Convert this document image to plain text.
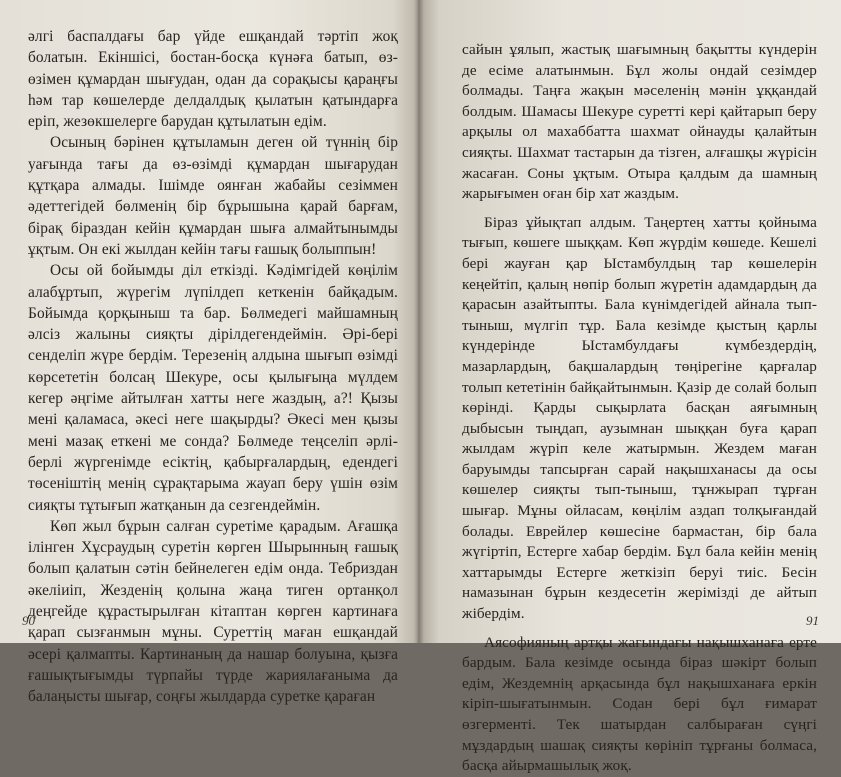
әлгі баспалдағы бар үйде ешқандай тәртіп жоқ болатын. Екіншісі, бостан-босқа күнәға батып, өз-өзімен құмардан шығудан, одан да сорақысы қараңғы һәм тар көшелерде делдалдық қылатын қатындарға еріп, жезөкшелерге барудан құтылатын едім.

Осының бәрінен құтыламын деген ой түннің бір уағында тағы да өз-өзімді құмардан шығарудан құтқара алмады. Ішімде оянған жабайы сезіммен әдеттегідей бөлменің бір бұрышына қарай барғам, бірақ біраздан кейін құмардан шыға алмайтынымды ұқтым. Он екі жылдан кейін тағы ғашық болыппын!

Осы ой бойымды діл еткізді. Кәдімгідей көңілім алабұртып, жүрегім лүпілдеп кеткенін байқадым. Бойымда қорқыныш та бар. Бөлмедегі майшамның әлсіз жалыны сияқты дірілдегендеймін. Әрі-бері сенделіп жүре бердім. Терезенің алдына шығып өзімді көрсететін болсаң Шекуре, осы қылығыңа мүлдем кегер әңгіме айтылған хатты неге жаздың, а?! Қызы мені қаламаса, әкесі неге шақырды? Әкесі мен қызы мені мазақ еткені ме сонда? Бөлмеде теңселіп әрлі-берлі жүргенімде есіктің, қабырғалардың, едендегі төсеніштің менің сұрақтарыма жауап беру үшін өзім сияқты тұтығып жатқанын да сезгендеймін.

Көп жыл бұрын салған суретіме қарадым. Ағашқа ілінген Хұсраудың суретін көрген Шырынның ғашық болып қалатын сәтін бейнелеген едім онда. Тебриздан әкеліиіп, Жезденің қолына жаңа тиген ортанқол деңгейде құрастырылған кітаптан көрген картинаға қарап сызғанмын мұны. Суреттің маған ешқандай әсері қалмапты. Картинаның да нашар болуына, қызға ғашықтығымды түрпайы түрде жариялағаныма да балаңысты шығар, соңғы жылдарда суретке қараған

90

сайын ұялып, жастық шағымның бақытты күндерін де есіме алатынмын. Бұл жолы ондай сезімдер болмады. Таңға жақын мәселенің мәнін ұққандай болдым. Шамасы Шекуре суретті кері қайтарып беру арқылы ол махаббатта шахмат ойнауды қалайтын сияқты. Шахмат тастарын да тізген, алғашқы жүрісін жасаған. Соны ұқтым. Отыра қалдым да шамның жарығымен оған бір хат жаздым.

Біраз ұйықтап алдым. Таңертең хатты қойныма тығып, көшеге шыққам. Көп жүрдім көшеде. Кешелі бері жауған қар Ыстамбулдың тар көшелерін кеңейтіп, қалың нөпір болып жүретін адамдардың да қарасын азайтыпты. Бала күнімдегідей айнала тып-тыныш, мүлгіп тұр. Бала кезімде қыстың қарлы күндерінде Ыстамбулдағы күмбездердің, мазарлардың, бақшалардың төңірегіне қарғалар толып кететінін байқайтынмын. Қазір де солай болып көрінді. Қарды сықырлата басқан аяғымның дыбысын тыңдап, аузымнан шыққан буға қарап жылдам жүріп келе жатырмын. Жездем маған баруымды тапсырған сарай нақышханасы да осы көшелер сияқты тып-тыныш, тұнжырап тұрған шығар. Мұны ойласам, көңілім аздап толқығандай болады. Еврейлер көшесіне бармастан, бір бала жүгіртіп, Естерге хабар бердім. Бұл бала кейін менің хаттарымды Естерге жеткізіп беруі тиіс. Бесін намазынан бұрын кездесетін жерімізді де айтып жібердім.

Аясофияның артқы жағындағы нақышханаға ерте бардым. Бала кезімде осында біраз шәкірт болып едім, Жездемнің арқасында бұл нақышханаға еркін кіріп-шығатынмын. Содан бері бұл ғимарат өзгерменті. Тек шатырдан салбыраған сүңгі мұздардың шашақ сияқты көрініп тұрғаны болмаса, басқа айырмашылық жоқ.

91
